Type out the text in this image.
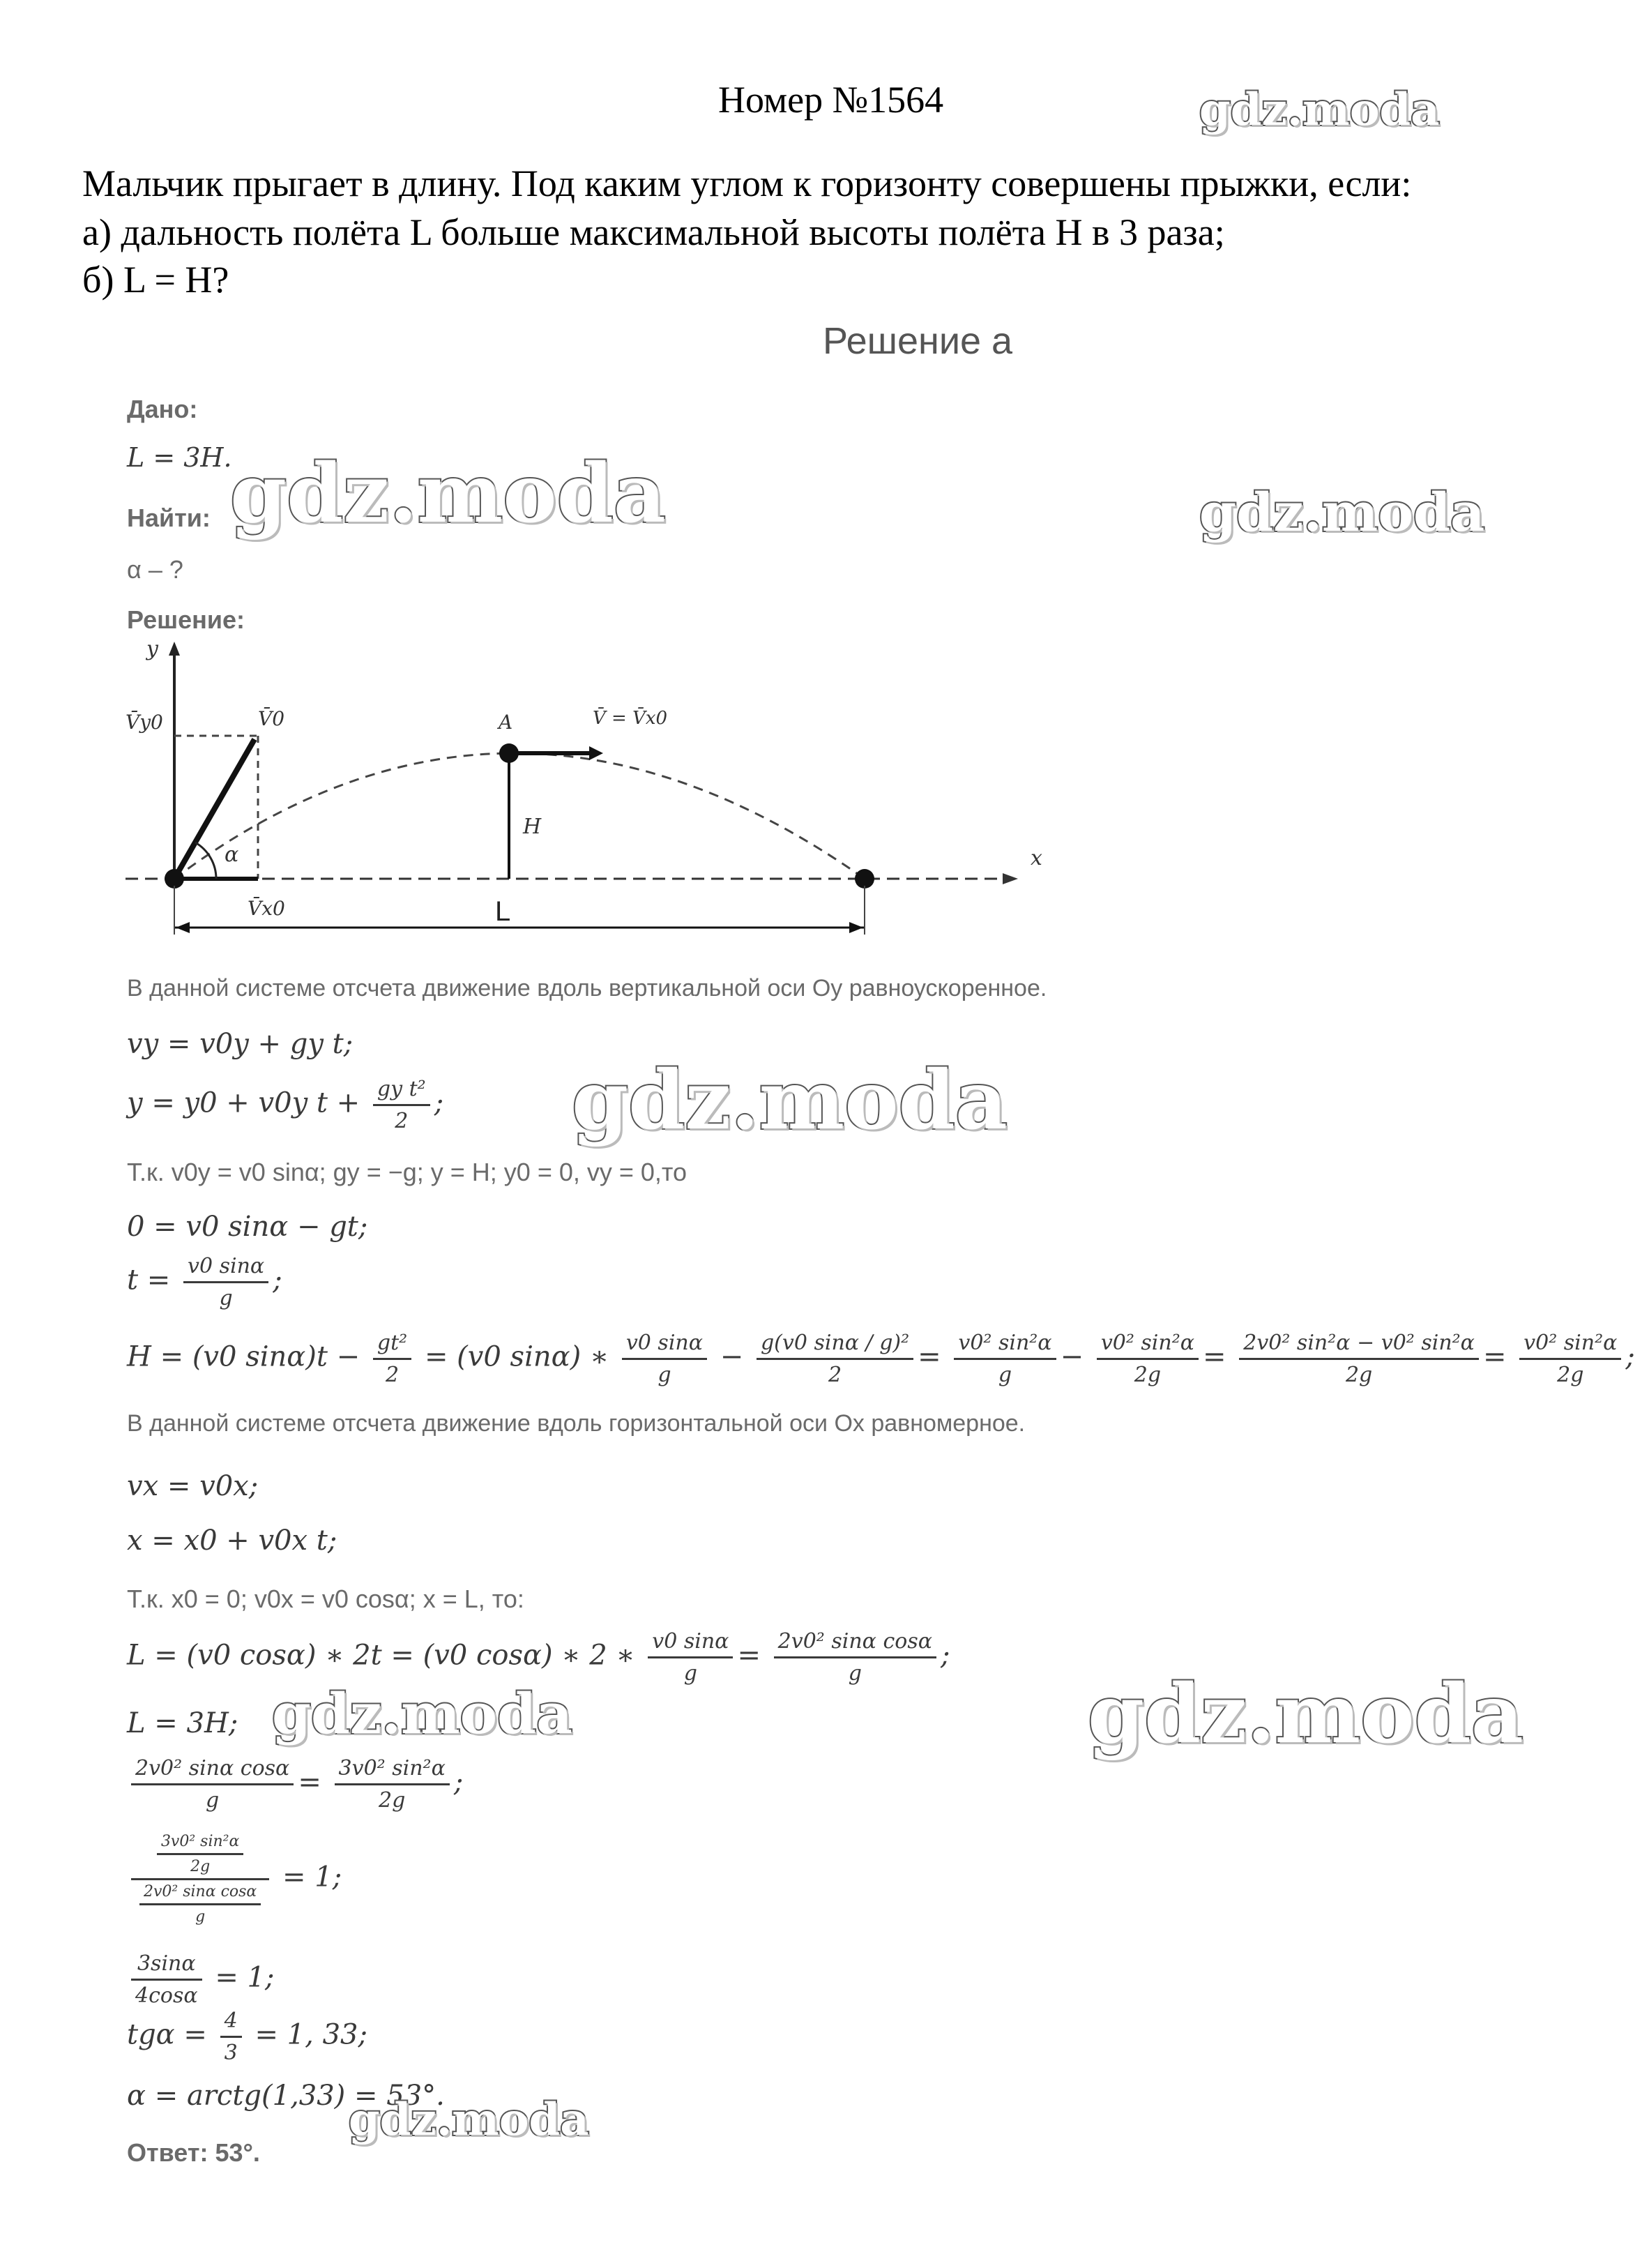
Номер №1564
Мальчик прыгает в длину. Под каким углом к горизонту совершены прыжки, если:
а) дальность полёта L больше максимальной высоты полёта H в 3 раза;
б) L = H?
Решение а
Дано:
L = 3H.
Найти:
α – ?
Решение:
y
x
V̄y0	V̄0	A	V̄ = V̄x0
H
α
V̄x0	L
В данной системе отсчета движение вдоль вертикальной оси Oy равноускоренное.
vy = v0y + gy t;
y = y0 + v0y $t + \frac{\text{gy t²}}{2}$ ;
Т.к. v0y = v0 sinα; gy = −g; y = H; y0 = 0, vy = 0,то
0 = v0 sinα − gt;
$t = \frac{v0 \sin\alpha}{g}$ ;
H = (v0 $\sin\alpha)t - \frac{\text{gt²}}{2} = (v0$ sinα) ∗ $\frac{v0 \sin\alpha}{g} - \frac{\text{g(v0 sinα / g)²}}{2} = \frac{\text{v0² sin²α}}{g} - \frac{\text{v0² sin²α}}{2g} = \frac{\text{2v0² sin²α − v0² sin²α}}{2g} = \frac{\text{v0² sin²α}}{2g}$ ;
В данной системе отсчета движение вдоль горизонтальной оси Ox равномерное.
vx = v0x;
x = x0 + v0x t;
Т.к. x0 = 0; v0x = v0 cosα; x = L, то:
L = (v0 cosα) ∗ 2t = (v0 cosα) ∗ 2 ∗ $\frac{v0 \sin\alpha}{g} = \frac{\text{2v0² sinα cosα}}{g}$ ;
L = 3H;
$\frac{\text{2v0² sinα cosα}}{g} = \frac{\text{3v0² sin²α}}{2g}$ ;
$\frac{\frac{\text{3v0² sin²α}}{2g}}{\frac{\text{2v0² sinα cosα}}{g}} = 1$;
$\frac{3\sin\alpha}{4\cos\alpha} = 1$;
$tg\alpha = \frac{4}{3} = 1$, 33;
α = arctg(1,33) = 53°.
Ответ: 53°.
gdz.moda
gdz.moda	gdz.moda
gdz.moda
gdz.moda	gdz.moda
gdz.moda
